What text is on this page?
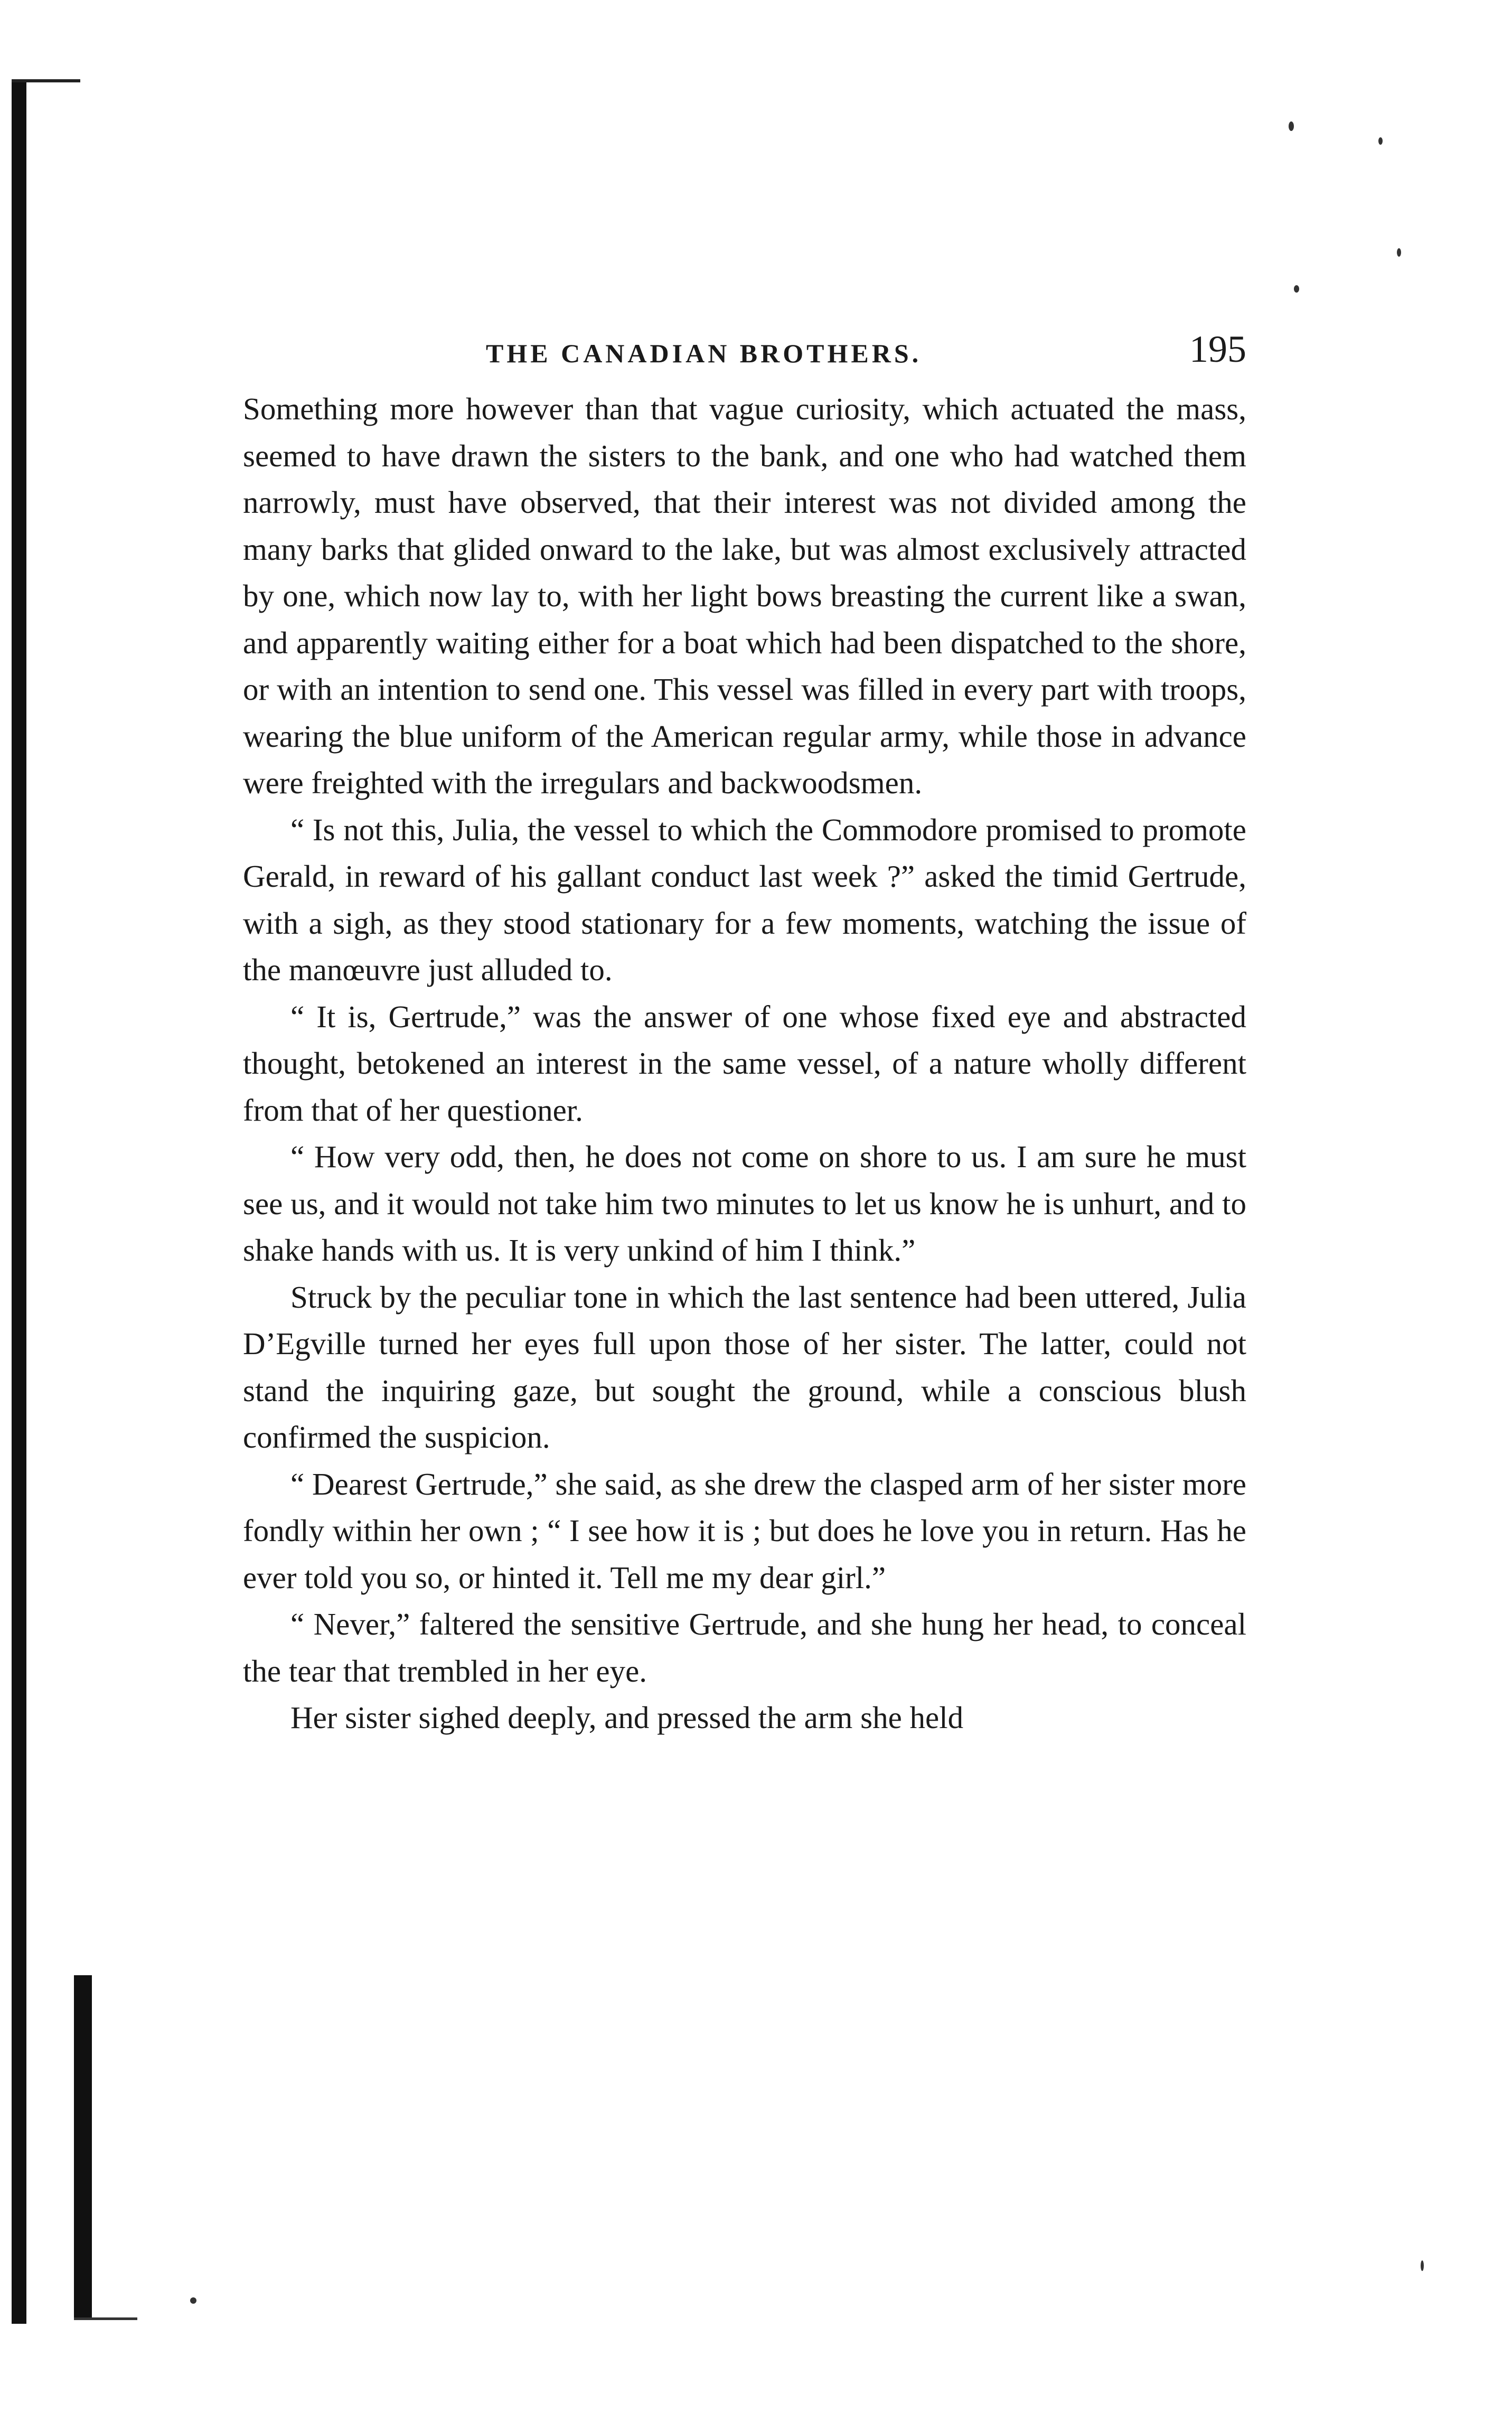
THE CANADIAN BROTHERS.	195

Something more however than that vague curiosity, which actuated the mass, seemed to have drawn the sisters to the bank, and one who had watched them narrowly, must have observed, that their interest was not divided among the many barks that glided onward to the lake, but was almost exclusively attracted by one, which now lay to, with her light bows breasting the current like a swan, and apparently waiting either for a boat which had been dispatched to the shore, or with an intention to send one. This vessel was filled in every part with troops, wearing the blue uniform of the American regular army, while those in advance were freighted with the irregulars and backwoodsmen.

“ Is not this, Julia, the vessel to which the Commodore promised to promote Gerald, in reward of his gallant conduct last week ?” asked the timid Gertrude, with a sigh, as they stood stationary for a few moments, watching the issue of the manœuvre just alluded to.

“ It is, Gertrude,” was the answer of one whose fixed eye and abstracted thought, betokened an interest in the same vessel, of a nature wholly different from that of her questioner.

“ How very odd, then, he does not come on shore to us. I am sure he must see us, and it would not take him two minutes to let us know he is unhurt, and to shake hands with us. It is very unkind of him I think.”

Struck by the peculiar tone in which the last sentence had been uttered, Julia D’Egville turned her eyes full upon those of her sister. The latter, could not stand the inquiring gaze, but sought the ground, while a conscious blush confirmed the suspicion.

“ Dearest Gertrude,” she said, as she drew the clasped arm of her sister more fondly within her own ; “ I see how it is ; but does he love you in return. Has he ever told you so, or hinted it. Tell me my dear girl.”

“ Never,” faltered the sensitive Gertrude, and she hung her head, to conceal the tear that trembled in her eye.

Her sister sighed deeply, and pressed the arm she held
